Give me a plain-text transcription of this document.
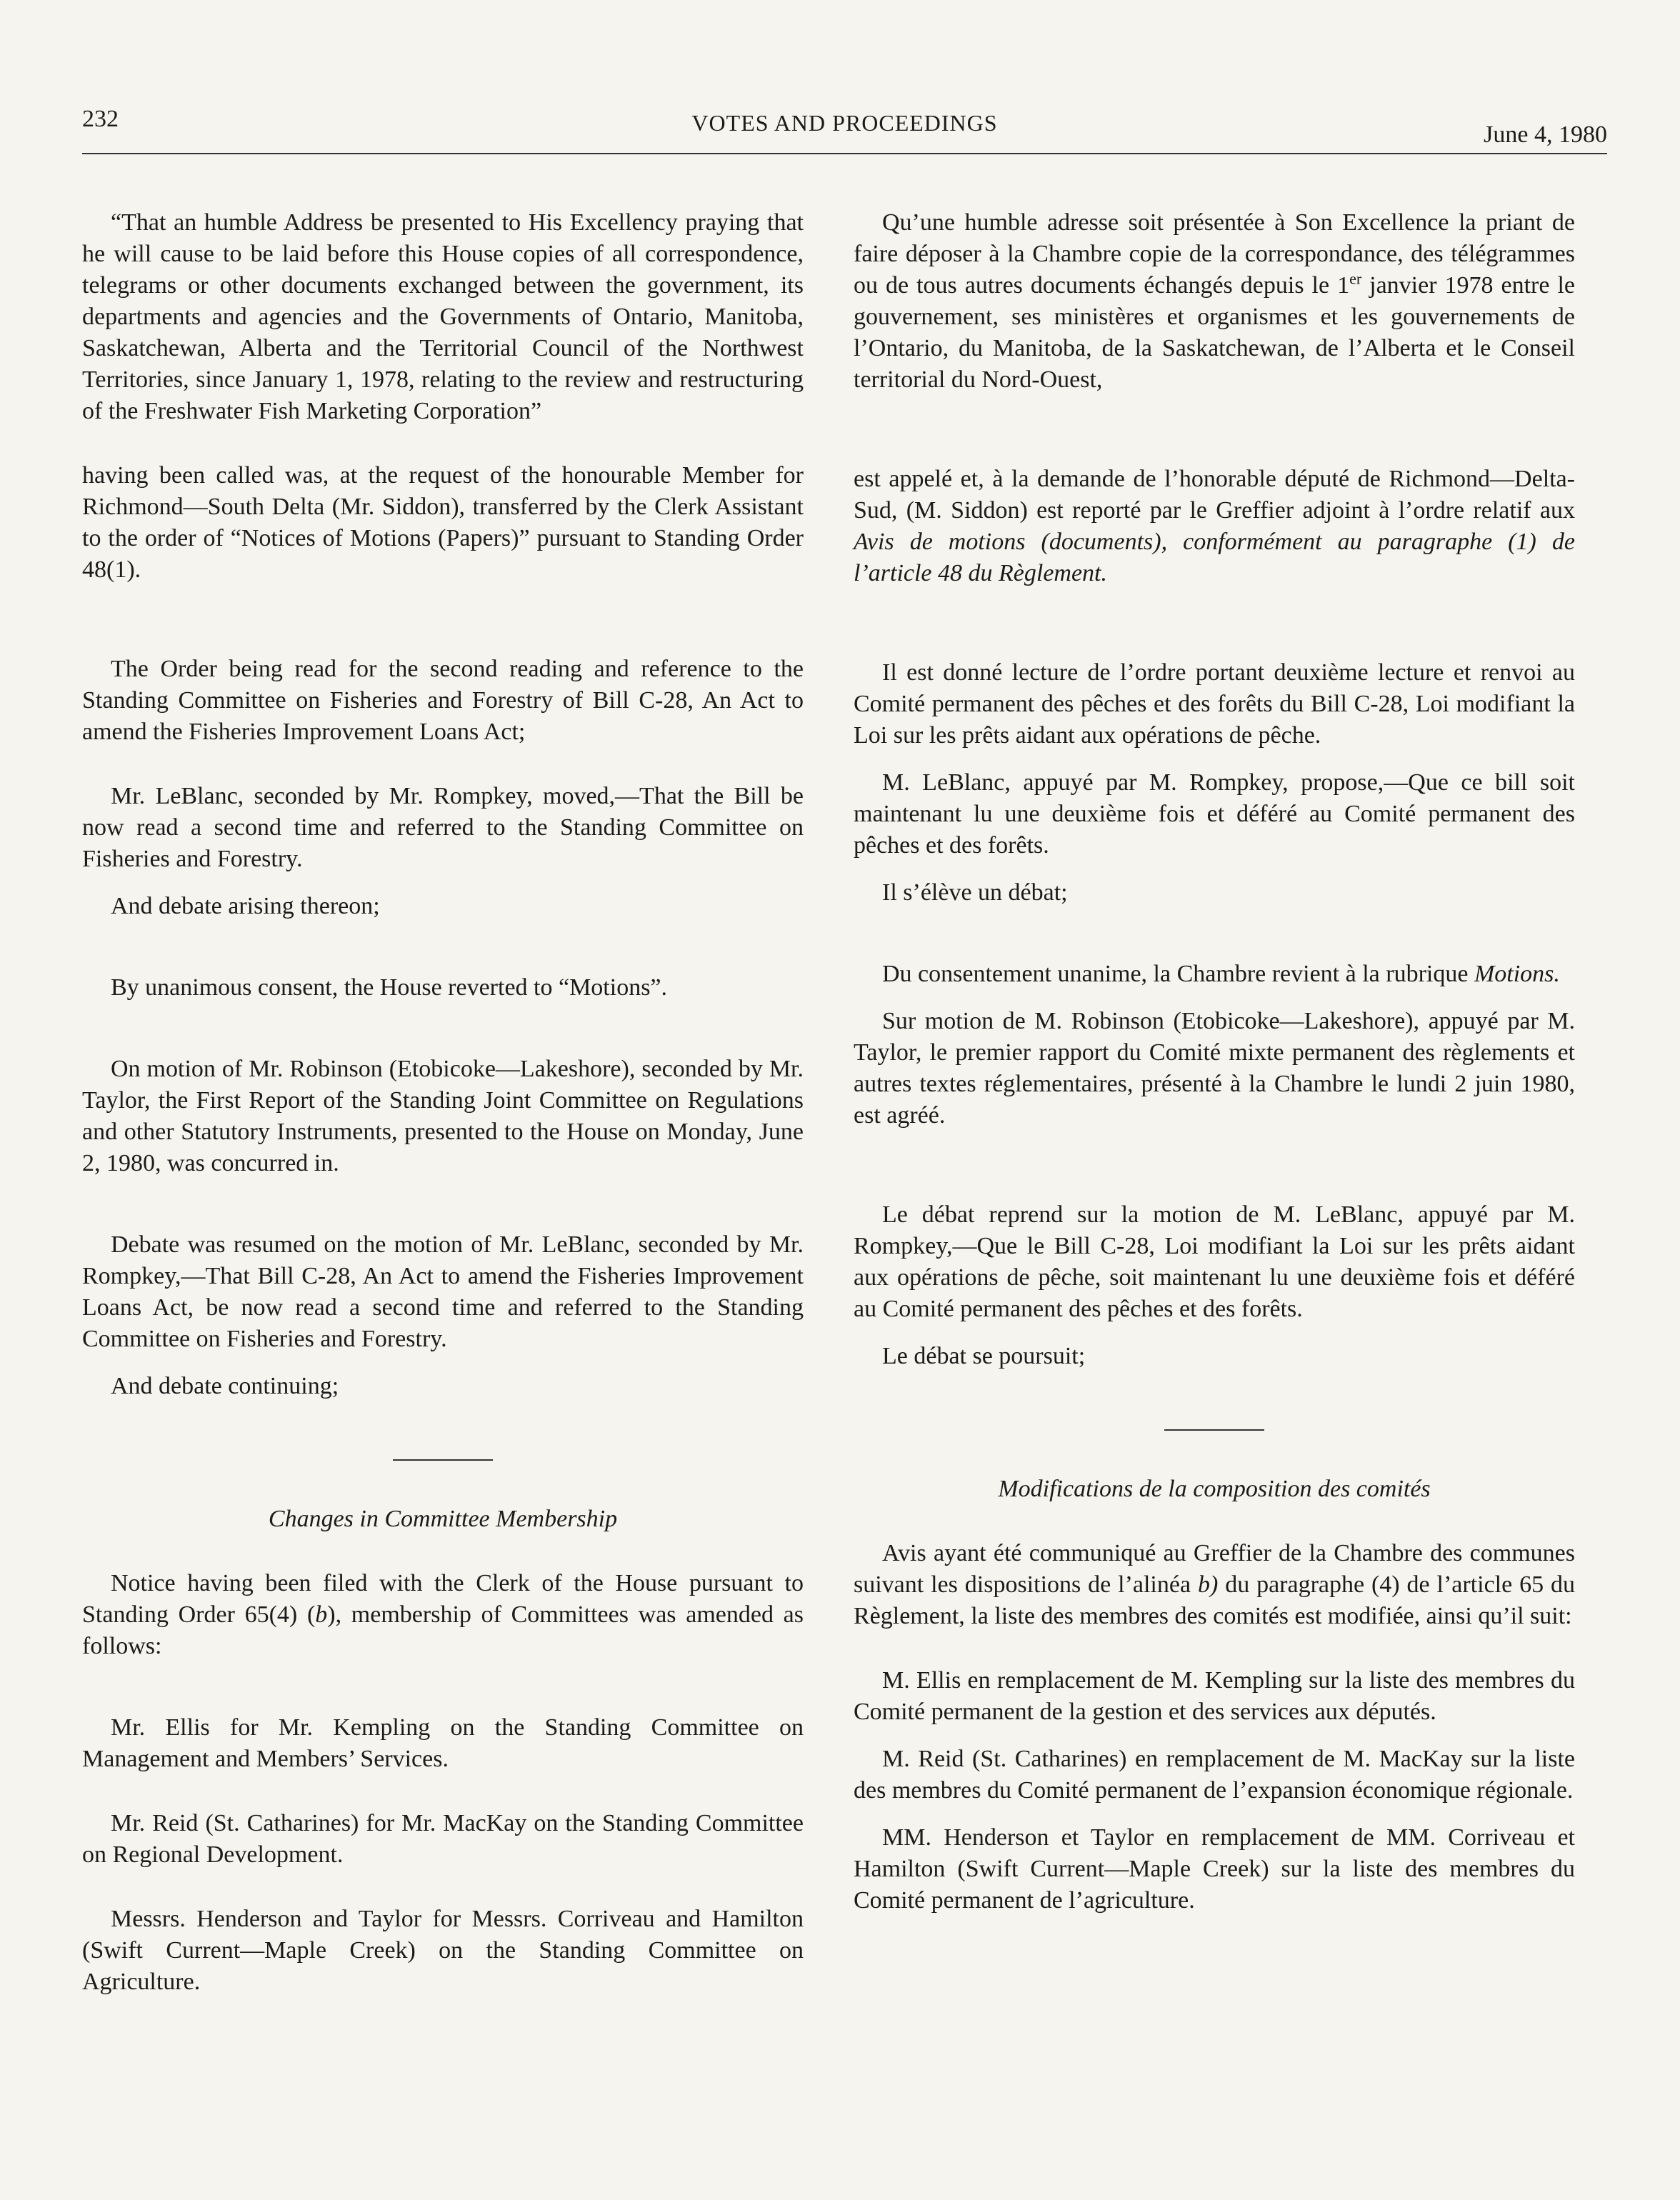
232	VOTES AND PROCEEDINGS	June 4, 1980

“That an humble Address be presented to His Excellency praying that he will cause to be laid before this House copies of all correspondence, telegrams or other documents exchanged between the government, its departments and agencies and the Governments of Ontario, Manitoba, Saskatchewan, Alberta and the Territorial Council of the Northwest Territories, since January 1, 1978, relating to the review and restructuring of the Freshwater Fish Marketing Corporation”

having been called was, at the request of the honourable Member for Richmond—South Delta (Mr. Siddon), transferred by the Clerk Assistant to the order of “Notices of Motions (Papers)” pursuant to Standing Order 48(1).

The Order being read for the second reading and reference to the Standing Committee on Fisheries and Forestry of Bill C-28, An Act to amend the Fisheries Improvement Loans Act;

Mr. LeBlanc, seconded by Mr. Rompkey, moved,—That the Bill be now read a second time and referred to the Standing Committee on Fisheries and Forestry.

And debate arising thereon;

By unanimous consent, the House reverted to “Motions”.

On motion of Mr. Robinson (Etobicoke—Lakeshore), seconded by Mr. Taylor, the First Report of the Standing Joint Committee on Regulations and other Statutory Instruments, presented to the House on Monday, June 2, 1980, was concurred in.

Debate was resumed on the motion of Mr. LeBlanc, seconded by Mr. Rompkey,—That Bill C-28, An Act to amend the Fisheries Improvement Loans Act, be now read a second time and referred to the Standing Committee on Fisheries and Forestry.

And debate continuing;

Changes in Committee Membership

Notice having been filed with the Clerk of the House pursuant to Standing Order 65(4) (b), membership of Committees was amended as follows:

Mr. Ellis for Mr. Kempling on the Standing Committee on Management and Members’ Services.

Mr. Reid (St. Catharines) for Mr. MacKay on the Standing Committee on Regional Development.

Messrs. Henderson and Taylor for Messrs. Corriveau and Hamilton (Swift Current—Maple Creek) on the Standing Committee on Agriculture.

Qu’une humble adresse soit présentée à Son Excellence la priant de faire déposer à la Chambre copie de la correspondance, des télégrammes ou de tous autres documents échangés depuis le 1er janvier 1978 entre le gouvernement, ses ministères et organismes et les gouvernements de l’Ontario, du Manitoba, de la Saskatchewan, de l’Alberta et le Conseil territorial du Nord-Ouest,

est appelé et, à la demande de l’honorable député de Richmond—Delta-Sud, (M. Siddon) est reporté par le Greffier adjoint à l’ordre relatif aux Avis de motions (documents), conformément au paragraphe (1) de l’article 48 du Règlement.

Il est donné lecture de l’ordre portant deuxième lecture et renvoi au Comité permanent des pêches et des forêts du Bill C-28, Loi modifiant la Loi sur les prêts aidant aux opérations de pêche.

M. LeBlanc, appuyé par M. Rompkey, propose,—Que ce bill soit maintenant lu une deuxième fois et déféré au Comité permanent des pêches et des forêts.

Il s’élève un débat;

Du consentement unanime, la Chambre revient à la rubrique Motions.

Sur motion de M. Robinson (Etobicoke—Lakeshore), appuyé par M. Taylor, le premier rapport du Comité mixte permanent des règlements et autres textes réglementaires, présenté à la Chambre le lundi 2 juin 1980, est agréé.

Le débat reprend sur la motion de M. LeBlanc, appuyé par M. Rompkey,—Que le Bill C-28, Loi modifiant la Loi sur les prêts aidant aux opérations de pêche, soit maintenant lu une deuxième fois et déféré au Comité permanent des pêches et des forêts.

Le débat se poursuit;

Modifications de la composition des comités

Avis ayant été communiqué au Greffier de la Chambre des communes suivant les dispositions de l’alinéa b) du paragraphe (4) de l’article 65 du Règlement, la liste des membres des comités est modifiée, ainsi qu’il suit:

M. Ellis en remplacement de M. Kempling sur la liste des membres du Comité permanent de la gestion et des services aux députés.

M. Reid (St. Catharines) en remplacement de M. MacKay sur la liste des membres du Comité permanent de l’expansion économique régionale.

MM. Henderson et Taylor en remplacement de MM. Corriveau et Hamilton (Swift Current—Maple Creek) sur la liste des membres du Comité permanent de l’agriculture.
